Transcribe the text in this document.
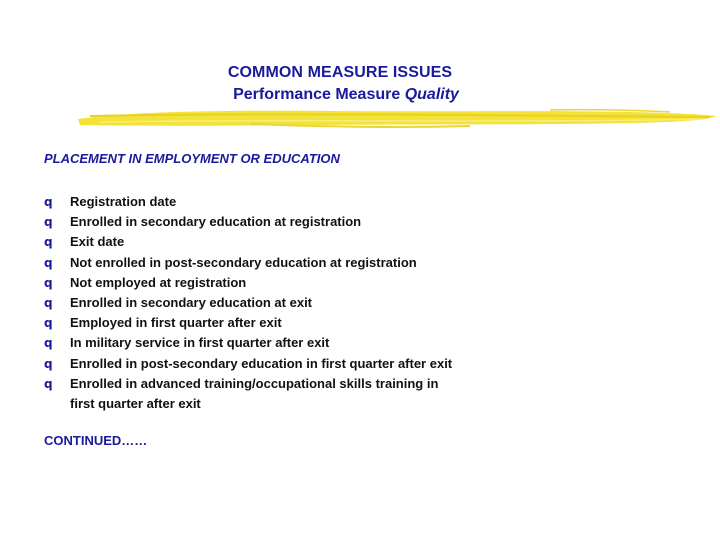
COMMON MEASURE ISSUES
Performance Measure Quality
PLACEMENT IN EMPLOYMENT OR EDUCATION
q Registration date
q Enrolled in secondary education at registration
q Exit date
q Not enrolled in post-secondary education at registration
q Not employed at registration
q Enrolled in secondary education at exit
q Employed in first quarter after exit
q In military service in first quarter after exit
q Enrolled in post-secondary education in first quarter after exit
q Enrolled in advanced training/occupational skills training in
first quarter after exit
CONTINUED……
